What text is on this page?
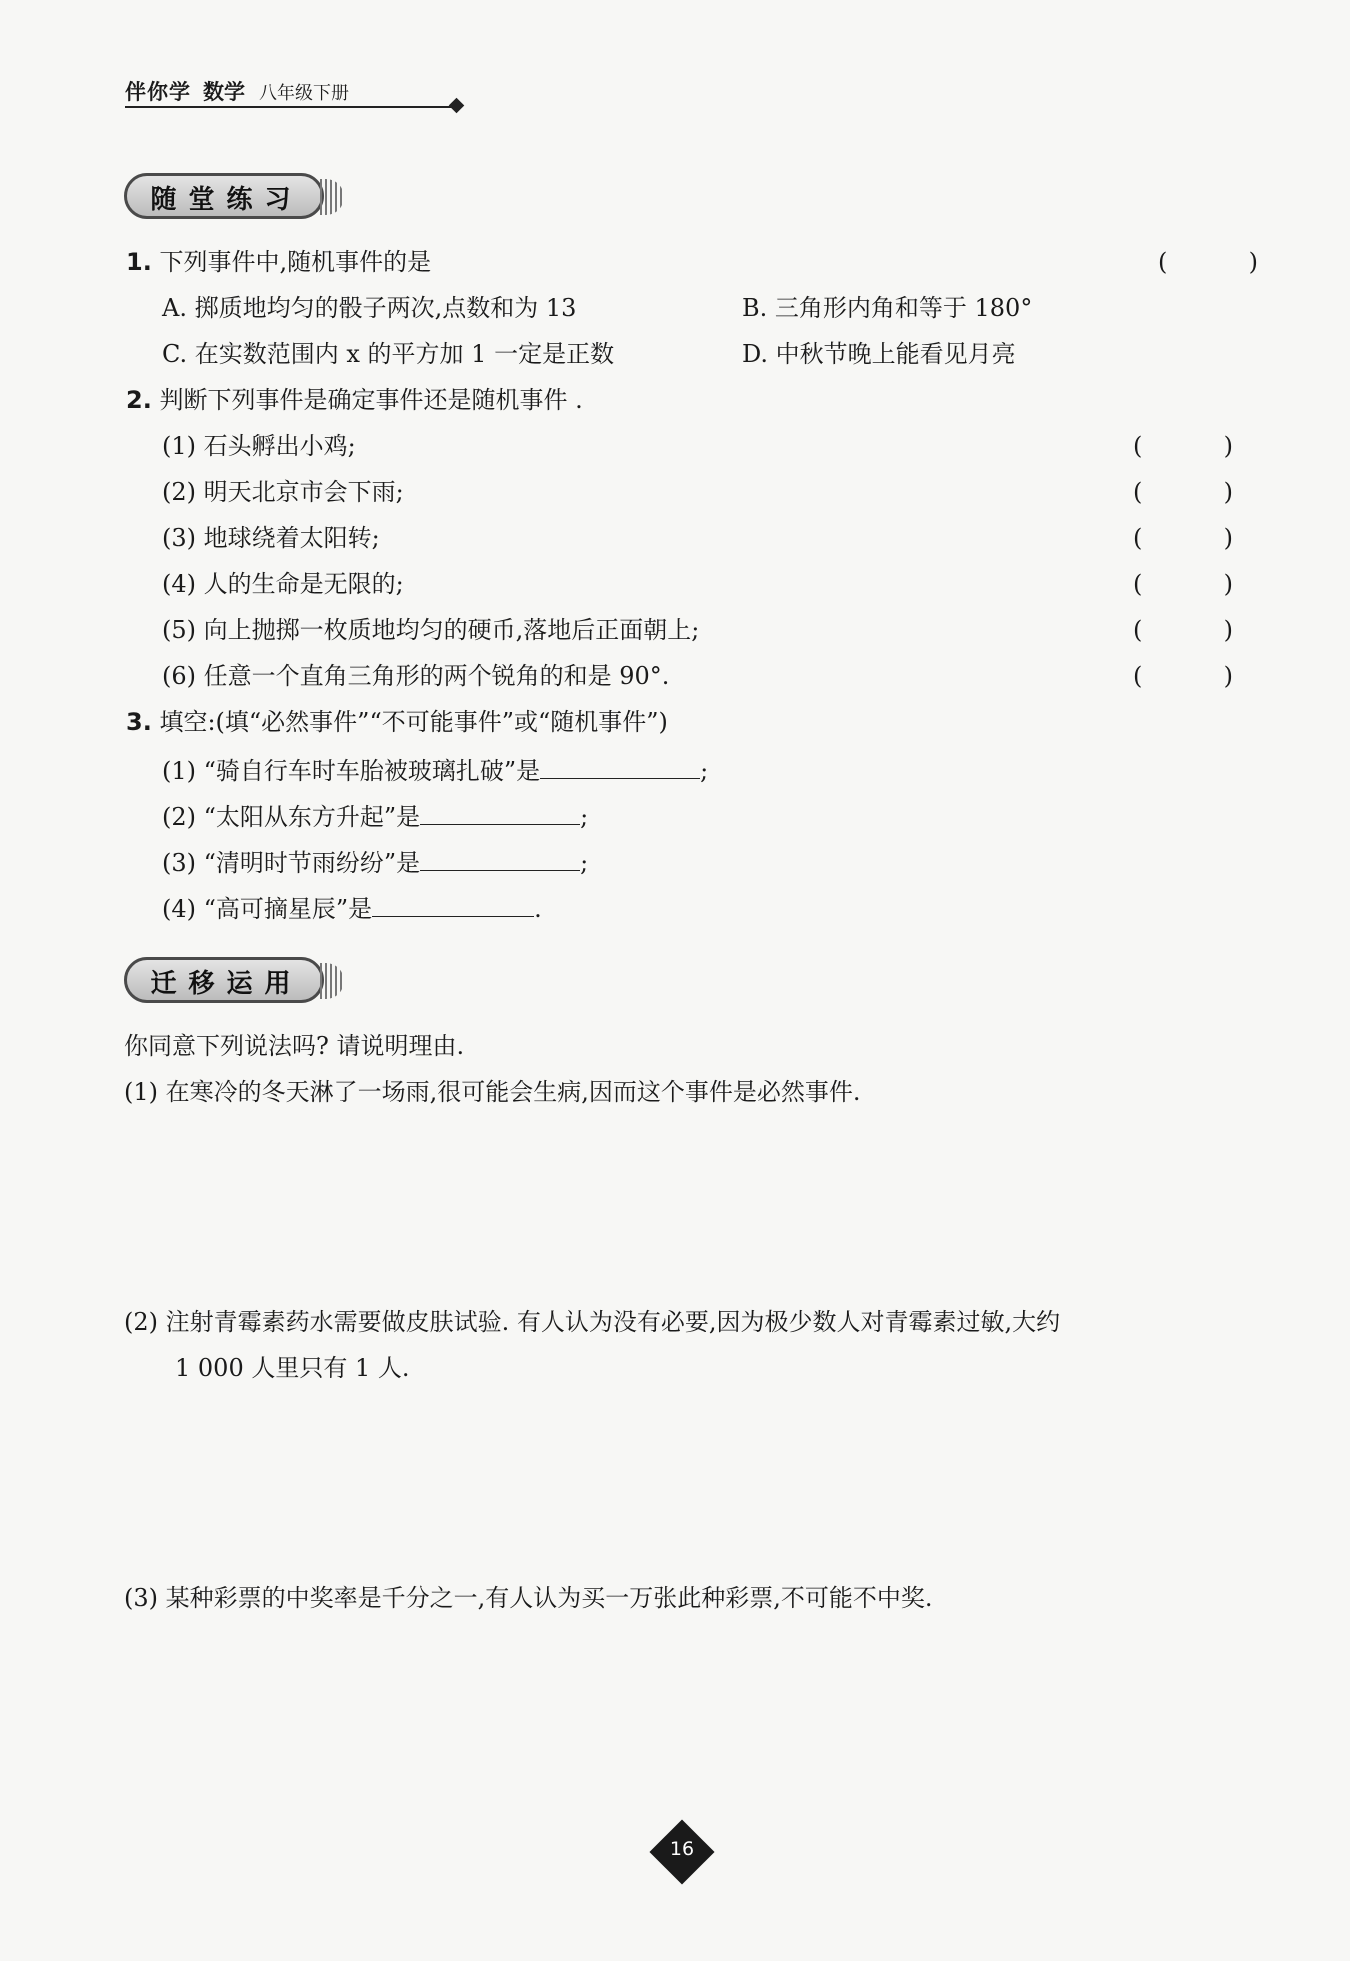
伴你学 数学 八年级下册
随堂练习
1. 下列事件中,随机事件的是	(	)
A. 掷质地均匀的骰子两次,点数和为 13	B. 三角形内角和等于 180°
C. 在实数范围内 x 的平方加 1 一定是正数	D. 中秋节晚上能看见月亮
2. 判断下列事件是确定事件还是随机事件 .
(1) 石头孵出小鸡;	(	)
(2) 明天北京市会下雨;	(	)
(3) 地球绕着太阳转;	(	)
(4) 人的生命是无限的;	(	)
(5) 向上抛掷一枚质地均匀的硬币,落地后正面朝上;	(	)
(6) 任意一个直角三角形的两个锐角的和是 90°.	(	)
3. 填空:(填“必然事件”“不可能事件”或“随机事件”)
(1) “骑自行车时车胎被玻璃扎破”是	;
(2) “太阳从东方升起”是	;
(3) “清明时节雨纷纷”是	;
(4) “高可摘星辰”是	.
迁移运用
你同意下列说法吗? 请说明理由.
(1) 在寒冷的冬天淋了一场雨,很可能会生病,因而这个事件是必然事件.
(2) 注射青霉素药水需要做皮肤试验. 有人认为没有必要,因为极少数人对青霉素过敏,大约
1 000 人里只有 1 人.
(3) 某种彩票的中奖率是千分之一,有人认为买一万张此种彩票,不可能不中奖.
16
